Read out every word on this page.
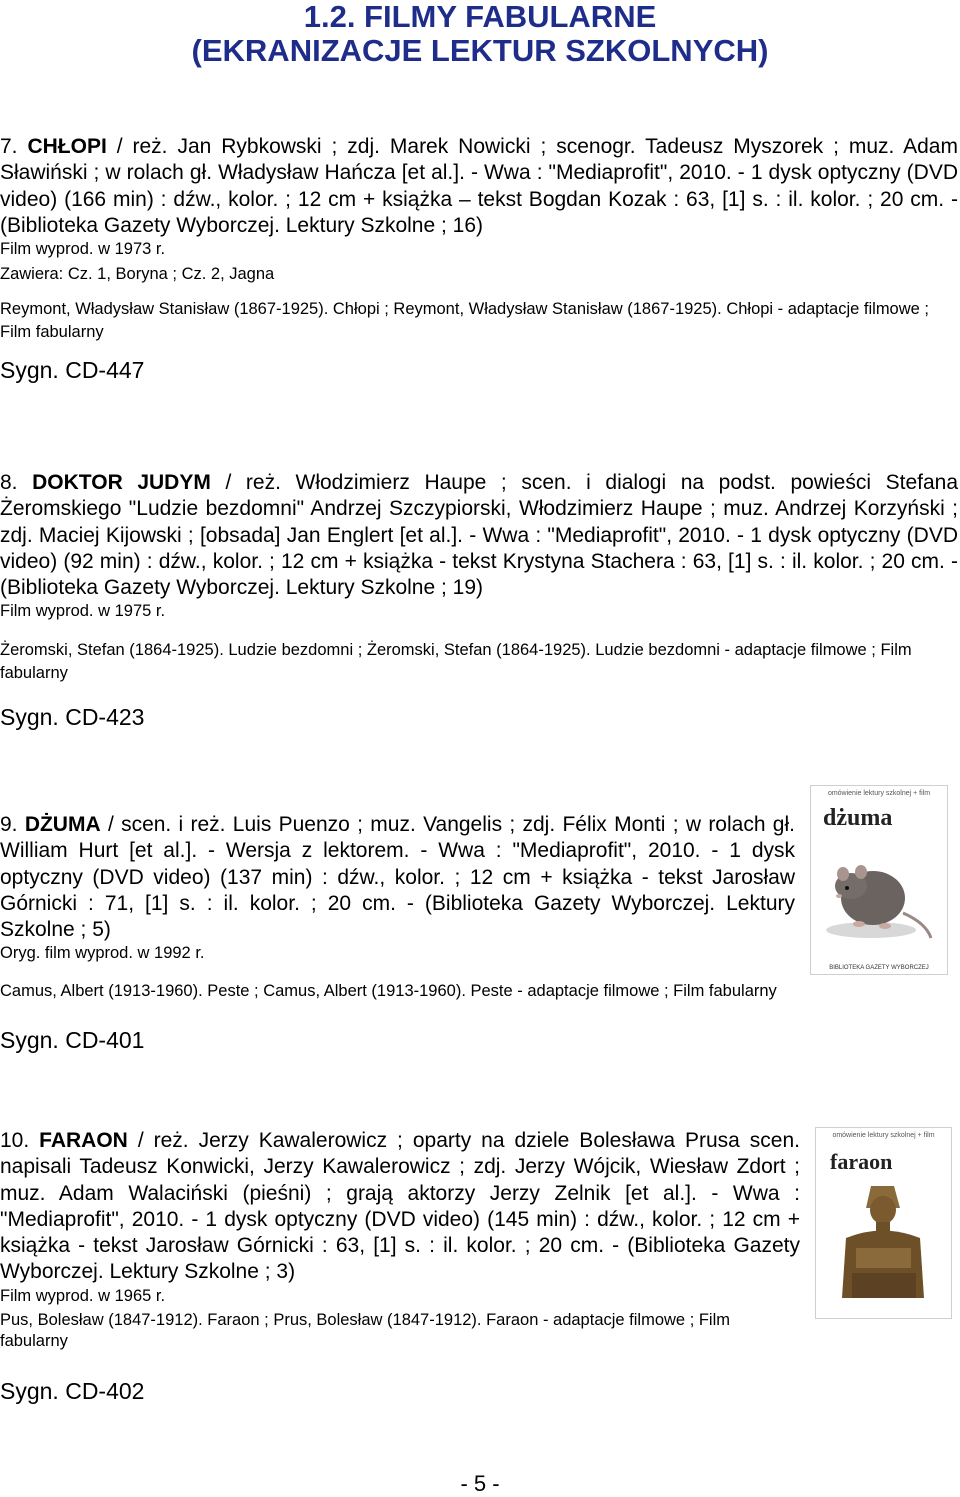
1.2. FILMY FABULARNE
(EKRANIZACJE LEKTUR SZKOLNYCH)

7. CHŁOPI / reż. Jan Rybkowski ; zdj. Marek Nowicki ; scenogr. Tadeusz Myszorek ; muz. Adam Sławiński ; w rolach gł. Władysław Hańcza [et al.]. - Wwa : "Mediaprofit", 2010. - 1 dysk optyczny (DVD video) (166 min) : dźw., kolor. ; 12 cm + książka – tekst Bogdan Kozak : 63, [1] s. : il. kolor. ; 20 cm. - (Biblioteka Gazety Wyborczej. Lektury Szkolne ; 16)

Film wyprod. w 1973 r.

Zawiera: Cz. 1, Boryna ; Cz. 2, Jagna

Reymont, Władysław Stanisław (1867-1925). Chłopi ; Reymont, Władysław Stanisław (1867-1925). Chłopi - adaptacje filmowe ; Film fabularny

Sygn. CD-447

8. DOKTOR JUDYM / reż. Włodzimierz Haupe ; scen. i dialogi na podst. powieści Stefana Żeromskiego "Ludzie bezdomni" Andrzej Szczypiorski, Włodzimierz Haupe ; muz. Andrzej Korzyński ; zdj. Maciej Kijowski ; [obsada] Jan Englert [et al.]. - Wwa : "Mediaprofit", 2010. - 1 dysk optyczny (DVD video) (92 min) : dźw., kolor. ; 12 cm + książka - tekst Krystyna Stachera : 63, [1] s. : il. kolor. ; 20 cm. - (Biblioteka Gazety Wyborczej. Lektury Szkolne ; 19)

Film wyprod. w 1975 r.

Żeromski, Stefan (1864-1925). Ludzie bezdomni ; Żeromski, Stefan (1864-1925). Ludzie bezdomni - adaptacje filmowe ; Film fabularny

Sygn. CD-423

9. DŻUMA / scen. i reż. Luis Puenzo ; muz. Vangelis ; zdj. Félix Monti ; w rolach gł. William Hurt [et al.]. - Wersja z lektorem. - Wwa : "Mediaprofit", 2010. - 1 dysk optyczny (DVD video) (137 min) : dźw., kolor. ; 12 cm + książka - tekst Jarosław Górnicki : 71, [1] s. : il. kolor. ; 20 cm. - (Biblioteka Gazety Wyborczej. Lektury Szkolne ; 5)

Oryg. film wyprod. w 1992 r.

Camus, Albert (1913-1960). Peste ; Camus, Albert (1913-1960). Peste - adaptacje filmowe ; Film fabularny

Sygn. CD-401

omówienie lektury szkolnej + film
dżuma
BIBLIOTEKA GAZETY WYBORCZEJ

10. FARAON / reż. Jerzy Kawalerowicz ; oparty na dziele Bolesława Prusa scen. napisali Tadeusz Konwicki, Jerzy Kawalerowicz ; zdj. Jerzy Wójcik, Wiesław Zdort ; muz. Adam Walaciński (pieśni) ; grają aktorzy Jerzy Zelnik [et al.]. - Wwa : "Mediaprofit", 2010. - 1 dysk optyczny (DVD video) (145 min) : dźw., kolor. ; 12 cm + książka - tekst Jarosław Górnicki : 63, [1] s. : il. kolor. ; 20 cm. - (Biblioteka Gazety Wyborczej. Lektury Szkolne ; 3)

Film wyprod. w 1965 r.

Pus, Bolesław (1847-1912). Faraon ; Prus, Bolesław (1847-1912). Faraon - adaptacje filmowe ; Film fabularny

Sygn. CD-402

omówienie lektury szkolnej + film
faraon
- 5 -
